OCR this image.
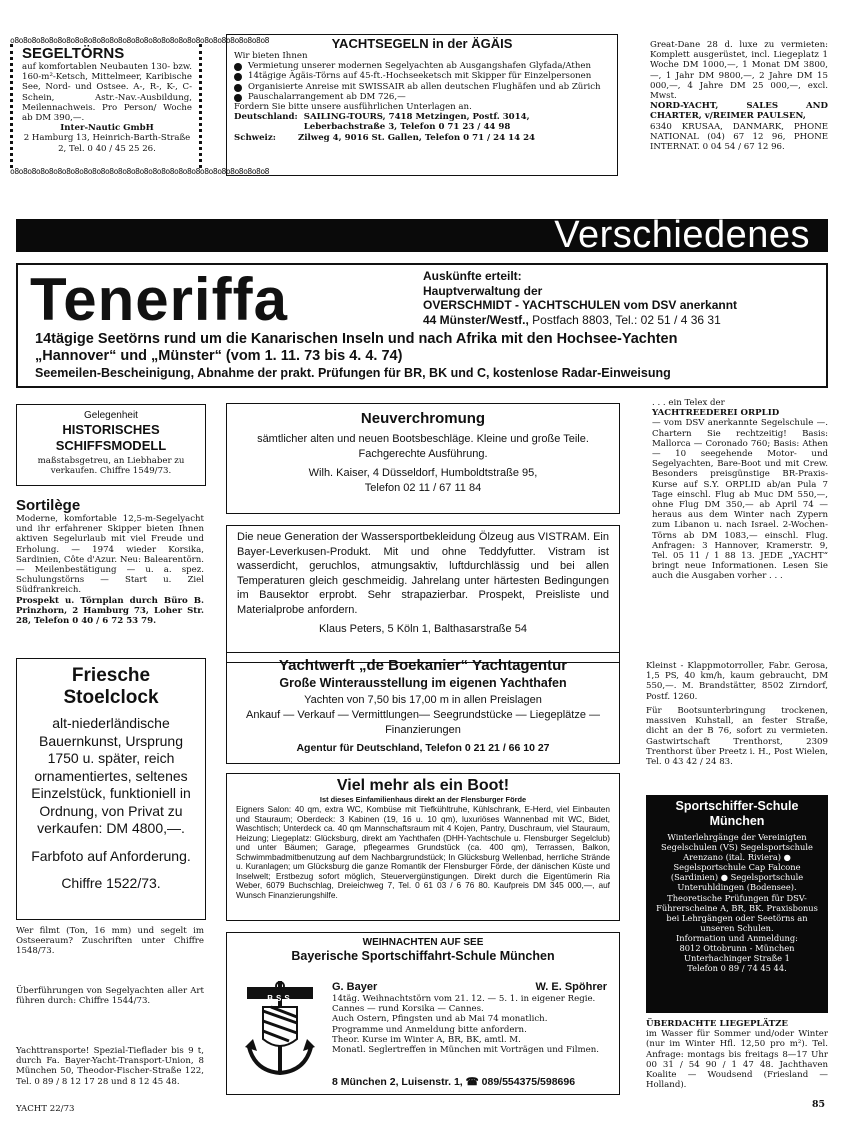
o8o8o8o8o8o8o8o8o8o8o8o8o8o8o8o8o8o8o8o8o8o8o8o8o8o8o8o8o8o8
o8o8o8o8o8o8o8o8o8o8o8o8o8o8o8o8o8o8o8o8o8o8o8o8o8o8o8o8o8o8
SEGELTÖRNS
auf komfortablen Neubauten 130- bzw. 160-m²-Ketsch, Mittelmeer, Karibische See, Nord- und Ostsee. A-, R-, K-, C-Schein, Astr.-Nav.-Ausbildung, Meilennachweis. Pro Person/ Woche ab DM 390,—.
Inter-Nautic GmbH
2 Hamburg 13, Heinrich-Barth-Straße 2, Tel. 0 40 / 45 25 26.
YACHTSEGELN in der ÄGÄIS
Wir bieten Ihnen
Vermietung unserer modernen Segelyachten ab Ausgangshafen Glyfada/Athen
14tägige Ägäis-Törns auf 45-ft.-Hochseeketsch mit Skipper für Einzelpersonen
Organisierte Anreise mit SWISSAIR ab allen deutschen Flughäfen und ab Zürich
Pauschalarrangement ab DM 726,—
Fordern Sie bitte unsere ausführlichen Unterlagen an.
Deutschland: SAILING-TOURS, 7418 Metzingen, Postf. 3014, Leberbachstraße 3, Telefon 0 71 23 / 44 98
Schweiz:	Zilweg 4, 9016 St. Gallen, Telefon 0 71 / 24 14 24
Great-Dane 28 d. luxe zu vermieten: Komplett ausgerüstet, incl. Liegeplatz 1 Woche DM 1000,—, 1 Monat DM 3800,—, 1 Jahr DM 9800,—, 2 Jahre DM 15 000,—, 4 Jahre DM 25 000,—, excl. Mwst.
NORD-YACHT, SALES AND CHARTER, v/REIMER PAULSEN,
6340 KRUSAA, DANMARK, PHONE NATIONAL (04) 67 12 96, PHONE INTERNAT. 0 04 54 / 67 12 96.
Verschiedenes
Teneriffa	Auskünfte erteilt:
Hauptverwaltung der
OVERSCHMIDT - YACHTSCHULEN vom DSV anerkannt
44 Münster/Westf., Postfach 8803, Tel.: 02 51 / 4 36 31
14tägige Seetörns rund um die Kanarischen Inseln und nach Afrika mit den Hochsee-Yachten
„Hannover“ und „Münster“ (vom 1. 11. 73 bis 4. 4. 74)
Seemeilen-Bescheinigung, Abnahme der prakt. Prüfungen für BR, BK und C, kostenlose Radar-Einweisung
Gelegenheit
HISTORISCHES SCHIFFSMODELL
maßstabsgetreu, an Liebhaber zu verkaufen. Chiffre 1549/73.
Sortilège
Moderne, komfortable 12,5-m-Segelyacht und ihr erfahrener Skipper bieten Ihnen aktiven Segelurlaub mit viel Freude und Erholung. — 1974 wieder Korsika, Sardinien, Côte d'Azur. Neu: Balearentörn. — Meilenbestätigung — u. a. spez. Schulungstörns — Start u. Ziel Südfrankreich.
Prospekt u. Törnplan durch Büro B. Prinzhorn, 2 Hamburg 73, Loher Str. 28, Telefon 0 40 / 6 72 53 79.
Friesche Stoelclock
alt-niederländische Bauernkunst, Ursprung 1750 u. später, reich ornamentiertes, seltenes Einzelstück, funktioniell in Ordnung, von Privat zu verkaufen: DM 4800,—.
Farbfoto auf Anforderung.
Chiffre 1522/73.
Wer filmt (Ton, 16 mm) und segelt im Ostseeraum? Zuschriften unter Chiffre 1548/73.
Überführungen von Segelyachten aller Art führen durch: Chiffre 1544/73.
Yachttransporte! Spezial-Tieflader bis 9 t, durch Fa. Bayer-Yacht-Transport-Union, 8 München 50, Theodor-Fischer-Straße 122, Tel. 0 89 / 8 12 17 28 und 8 12 45 48.
YACHT 22/73
Neuverchromung
sämtlicher alten und neuen Bootsbeschläge. Kleine und große Teile. Fachgerechte Ausführung.
Wilh. Kaiser, 4 Düsseldorf, Humboldtstraße 95,
Telefon 02 11 / 67 11 84
Die neue Generation der Wassersportbekleidung Ölzeug aus VISTRAM. Ein Bayer-Leverkusen-Produkt. Mit und ohne Teddyfutter. Vistram ist wasserdicht, geruchlos, atmungsaktiv, luftdurchlässig und bei allen Temperaturen gleich geschmeidig. Jahrelang unter härtesten Bedingungen im Bausektor erprobt. Sehr strapazierbar. Prospekt, Preisliste und Materialprobe anfordern.
Klaus Peters, 5 Köln 1, Balthasarstraße 54
Yachtwerft „de Boekanier“ Yachtagentur
Große Winterausstellung im eigenen Yachthafen
Yachten von 7,50 bis 17,00 m in allen Preislagen
Ankauf — Verkauf — Vermittlungen— Seegrundstücke — Liegeplätze — Finanzierungen
Agentur für Deutschland, Telefon 0 21 21 / 66 10 27
Viel mehr als ein Boot!
Ist dieses Einfamilienhaus direkt an der Flensburger Förde
Eigners Salon: 40 qm, extra WC, Kombüse mit Tiefkühltruhe, Kühlschrank, E-Herd, viel Einbauten und Stauraum; Oberdeck: 3 Kabinen (19, 16 u. 10 qm), luxuriöses Wannenbad mit WC, Bidet, Waschtisch; Unterdeck ca. 40 qm Mannschaftsraum mit 4 Kojen, Pantry, Duschraum, viel Stauraum, Heizung; Liegeplatz: Glücksburg, direkt am Yachthafen (DHH-Yachtschule u. Flensburger Segelclub) und unter Bäumen; Garage, pflegearmes Grundstück (ca. 400 qm), Terrassen, Balkon, Schwimmbadmitbenutzung auf dem Nachbargrundstück; In Glücksburg Wellenbad, herrliche Strände u. Kuranlagen; um Glücksburg die ganze Romantik der Flensburger Förde, der dänischen Küste und Inselwelt; Erstbezug sofort möglich, Steuervergünstigungen. Direkt durch die Eigentümerin Ria Weber, 6079 Buchschlag, Dreieichweg 7, Tel. 0 61 03 / 6 76 80. Kaufpreis DM 345 000,—, auf Wunsch Finanzierungshilfe.
WEIHNACHTEN AUF SEE
Bayerische Sportschiffahrt-Schule München
BSS
G. Bayer	W. E. Spöhrer
14täg. Weihnachtstörn vom 21. 12. — 5. 1. in eigener Regie.
Cannes — rund Korsika — Cannes.
Auch Ostern, Pfingsten und ab Mai 74 monatlich.
Programme und Anmeldung bitte anfordern.
Theor. Kurse im Winter A, BR, BK, amtl. M.
Monatl. Seglertreffen in München mit Vorträgen und Filmen.
8 München 2, Luisenstr. 1, ☎ 089/554375/598696
. . . ein Telex der
YACHTREEDEREI ORPLID
— vom DSV anerkannte Segelschule —. Chartern Sie rechtzeitig! Basis: Mallorca — Coronado 760; Basis: Athen — 10 seegehende Motor- und Segelyachten, Bare-Boot und mit Crew. Besonders preisgünstige BR-Praxis-Kurse auf S.Y. ORPLID ab/an Pula 7 Tage einschl. Flug ab Muc DM 550,—, ohne Flug DM 350,— ab April 74 — heraus aus dem Winter nach Zypern zum Libanon u. nach Israel. 2-Wochen-Törns ab DM 1083,— einschl. Flug. Anfragen: 3 Hannover, Kramerstr. 9, Tel. 05 11 / 1 88 13. JEDE „YACHT“ bringt neue Informationen. Lesen Sie auch die Ausgaben vorher . . .
Kleinst - Klappmotorroller, Fabr. Gerosa, 1,5 PS, 40 km/h, kaum gebraucht, DM 550,—. M. Brandstätter, 8502 Zirndorf, Postf. 1260.
Für Bootsunterbringung trockenen, massiven Kuhstall, an fester Straße, dicht an der B 76, sofort zu vermieten. Gastwirtschaft Trenthorst, 2309 Trenthorst über Preetz i. H., Post Wielen, Tel. 0 43 42 / 24 83.
Sportschiffer-Schule München
Winterlehrgänge der Vereinigten Segelschulen (VS) Segelsportschule Arenzano (ital. Riviera) ● Segelsportschule Cap Falcone (Sardinien) ● Segelsportschule Unteruhldingen (Bodensee).
Theoretische Prüfungen für DSV-Führerscheine A, BR, BK. Praxisbonus bei Lehrgängen oder Seetörns an unseren Schulen.
Information und Anmeldung:
8012 Ottobrunn - München
Unterhachinger Straße 1
Telefon 0 89 / 74 45 44.
ÜBERDACHTE LIEGEPLÄTZE
im Wasser für Sommer und/oder Winter (nur im Winter Hfl. 12,50 pro m²). Tel. Anfrage: montags bis freitags 8—17 Uhr 00 31 / 54 90 / 1 47 48. Jachthaven Koalite — Woudsend (Friesland — Holland).
85
